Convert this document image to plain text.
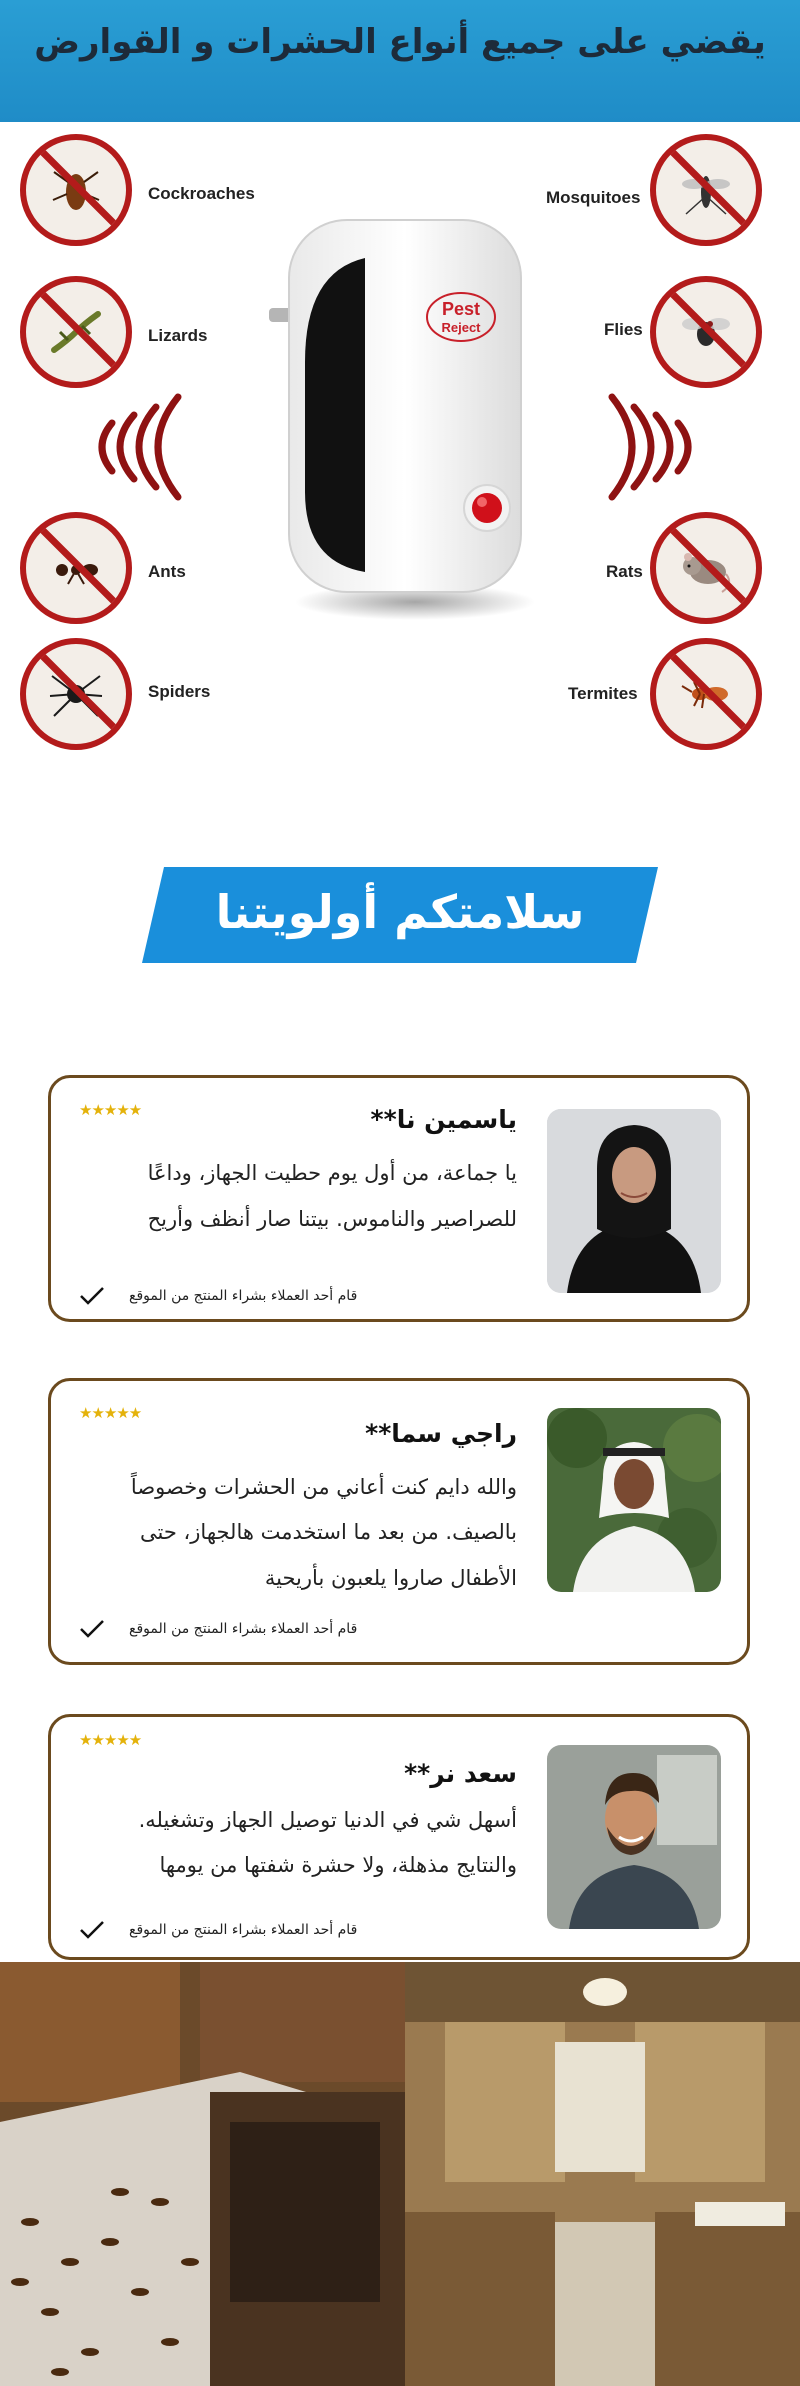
يقضي على جميع أنواع الحشرات و القوارض
Cockroaches
Lizards
Ants
Spiders
Mosquitoes
Flies
Rats
Termites
Pest
Reject
سلامتكم أولويتنا
★★★★★	ياسمين نا**
يا جماعة، من أول يوم حطيت الجهاز، وداعًا
للصراصير والناموس. بيتنا صار أنظف وأريح
قام أحد العملاء بشراء المنتج من الموقع
★★★★★
راجي سما**
والله دايم كنت أعاني من الحشرات وخصوصاً
بالصيف. من بعد ما استخدمت هالجهاز، حتى
الأطفال صاروا يلعبون بأريحية
قام أحد العملاء بشراء المنتج من الموقع
★★★★★
سعد نر**
أسهل شي في الدنيا توصيل الجهاز وتشغيله.
والنتايج مذهلة، ولا حشرة شفتها من يومها
قام أحد العملاء بشراء المنتج من الموقع
